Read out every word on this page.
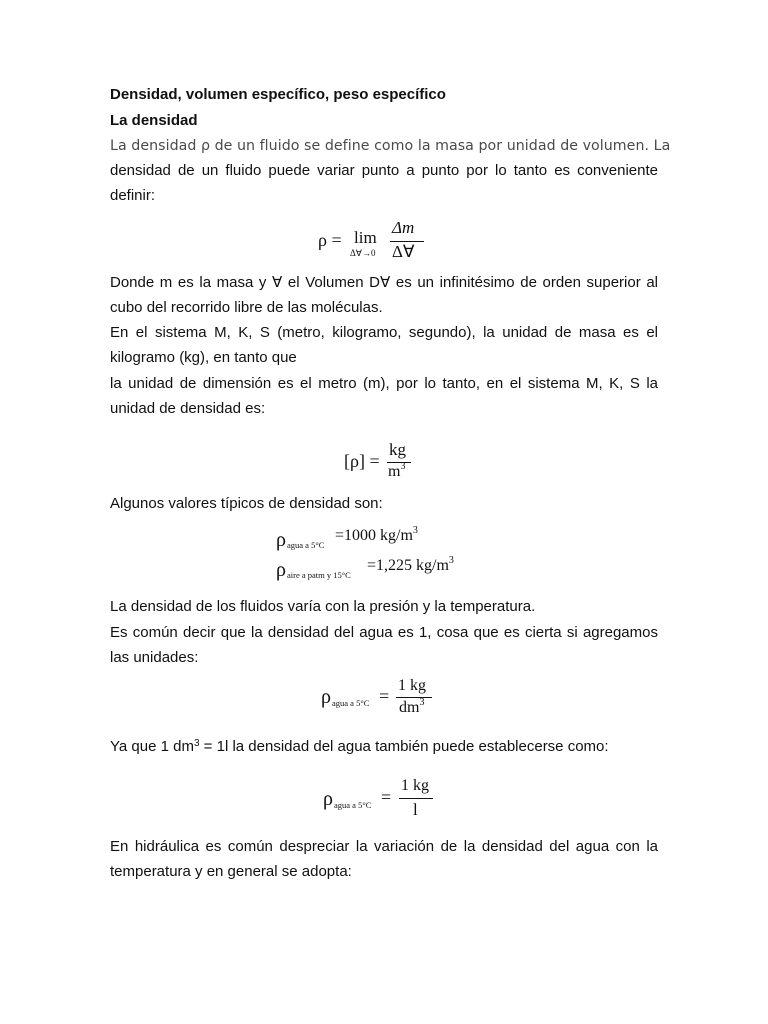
Densidad, volumen específico, peso específico
La densidad
La densidad ρ de un fluido se define como la masa por unidad de volumen. La
densidad de un fluido puede variar punto a punto por lo tanto es conveniente
definir:
ρ = lim
Δ∀→0
Δm
Δ∀
Donde m es la masa y ∀ el Volumen D∀ es un infinitésimo de orden superior al
cubo del recorrido libre de las moléculas.
En el sistema M, K, S (metro, kilogramo, segundo), la unidad de masa es el
kilogramo (kg), en tanto que
la unidad de dimensión es el metro (m), por lo tanto, en el sistema M, K, S la
unidad de densidad es:
[ρ] =
kg
$m^3$
Algunos valores típicos de densidad son:
ρ agua a 5°C
=1000 $kg/m^3$
ρ aire a patm y 15°C
=1,225 $kg/m^3$
La densidad de los fluidos varía con la presión y la temperatura.
Es común decir que la densidad del agua es 1, cosa que es cierta si agregamos
las unidades:
ρ agua a 5°C =
1 kg
$dm^3$
Ya que 1 $dm^3 = 1l$ la densidad del agua también puede establecerse como:
ρ agua a 5°C =
1 kg
l
En hidráulica es común despreciar la variación de la densidad del agua con la
temperatura y en general se adopta:
